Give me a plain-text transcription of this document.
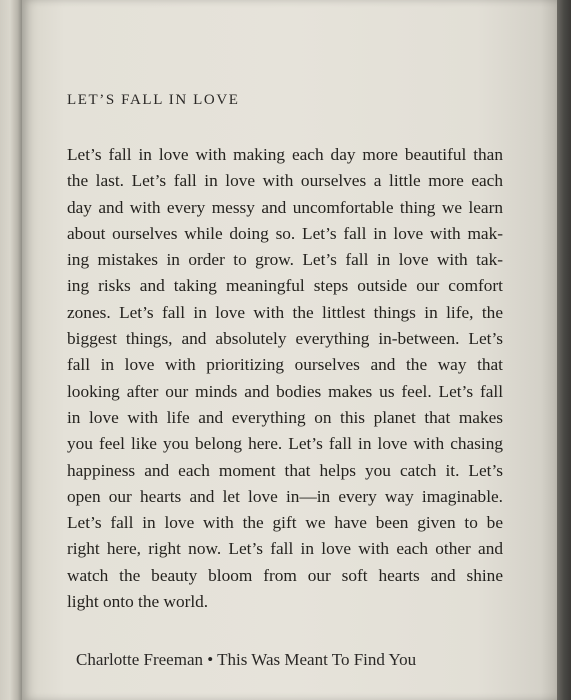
LET’S FALL IN LOVE
Let’s fall in love with making each day more beautiful than
the last. Let’s fall in love with ourselves a little more each
day and with every messy and uncomfortable thing we learn
about ourselves while doing so. Let’s fall in love with mak-
ing mistakes in order to grow. Let’s fall in love with tak-
ing risks and taking meaningful steps outside our comfort
zones. Let’s fall in love with the littlest things in life, the
biggest things, and absolutely everything in-between. Let’s
fall in love with prioritizing ourselves and the way that
looking after our minds and bodies makes us feel. Let’s fall
in love with life and everything on this planet that makes
you feel like you belong here. Let’s fall in love with chasing
happiness and each moment that helps you catch it. Let’s
open our hearts and let love in—in every way imaginable.
Let’s fall in love with the gift we have been given to be
right here, right now. Let’s fall in love with each other and
watch the beauty bloom from our soft hearts and shine
light onto the world.

Charlotte Freeman • This Was Meant To Find You
